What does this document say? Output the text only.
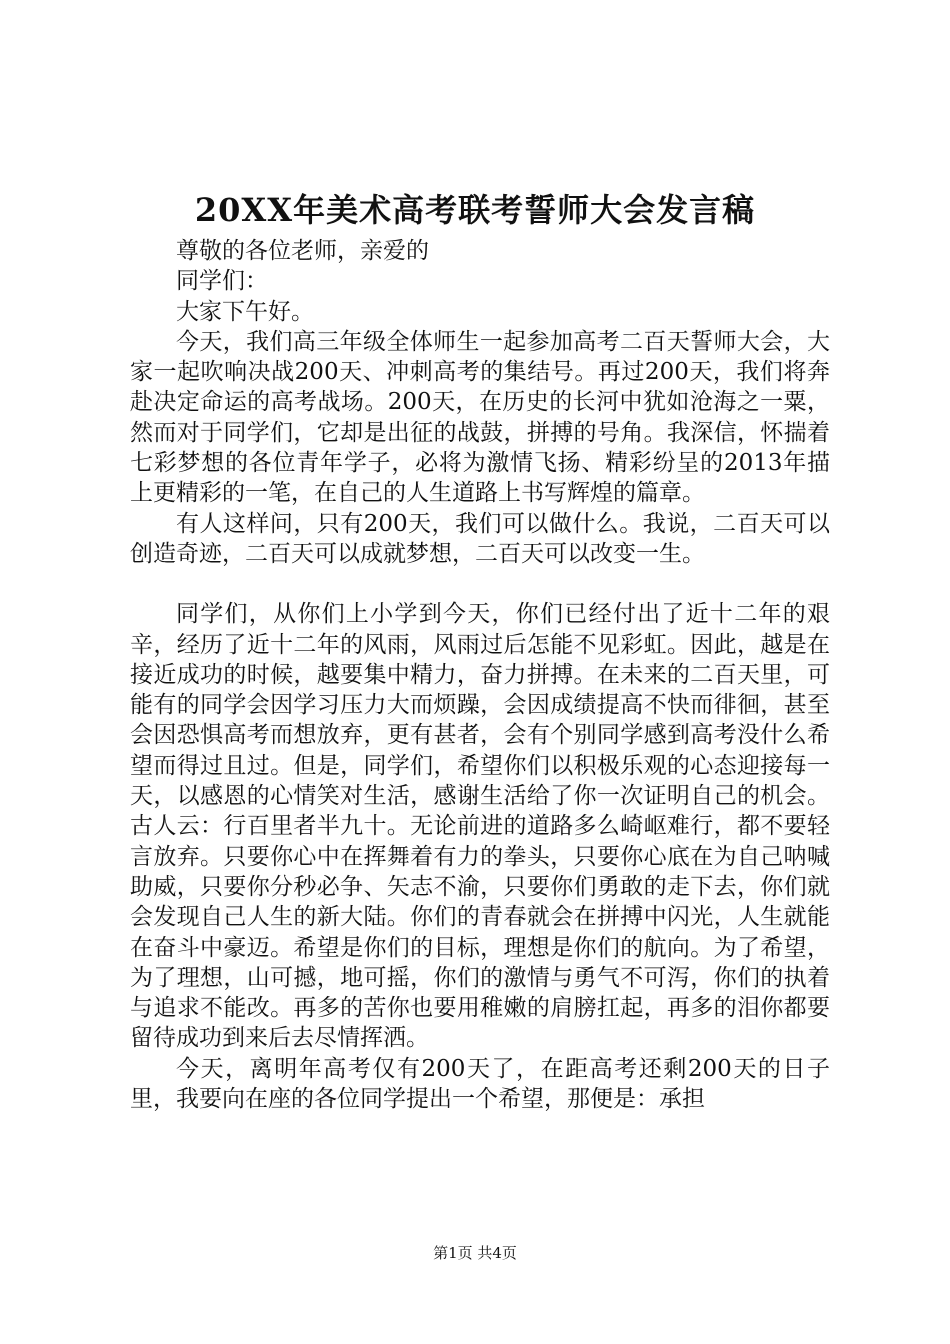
20XX年美术高考联考誓师大会发言稿

尊敬的各位老师，亲爱的

同学们：

大家下午好。

今天，我们高三年级全体师生一起参加高考二百天誓师大会，大家一起吹响决战200天、冲刺高考的集结号。再过200天，我们将奔赴决定命运的高考战场。200天，在历史的长河中犹如沧海之一粟，然而对于同学们，它却是出征的战鼓，拼搏的号角。我深信，怀揣着七彩梦想的各位青年学子，必将为激情飞扬、精彩纷呈的2013年描上更精彩的一笔，在自己的人生道路上书写辉煌的篇章。

有人这样问，只有200天，我们可以做什么。我说，二百天可以创造奇迹，二百天可以成就梦想，二百天可以改变一生。

同学们，从你们上小学到今天，你们已经付出了近十二年的艰辛，经历了近十二年的风雨，风雨过后怎能不见彩虹。因此，越是在接近成功的时候，越要集中精力，奋力拼搏。在未来的二百天里，可能有的同学会因学习压力大而烦躁，会因成绩提高不快而徘徊，甚至会因恐惧高考而想放弃，更有甚者，会有个别同学感到高考没什么希望而得过且过。但是，同学们，希望你们以积极乐观的心态迎接每一天，以感恩的心情笑对生活，感谢生活给了你一次证明自己的机会。古人云：行百里者半九十。无论前进的道路多么崎岖难行，都不要轻言放弃。只要你心中在挥舞着有力的拳头，只要你心底在为自己呐喊助威，只要你分秒必争、矢志不渝，只要你们勇敢的走下去，你们就会发现自己人生的新大陆。你们的青春就会在拼搏中闪光，人生就能在奋斗中豪迈。希望是你们的目标，理想是你们的航向。为了希望，为了理想，山可撼，地可摇，你们的激情与勇气不可泻，你们的执着与追求不能改。再多的苦你也要用稚嫩的肩膀扛起，再多的泪你都要留待成功到来后去尽情挥洒。

今天，离明年高考仅有200天了，在距高考还剩200天的日子里，我要向在座的各位同学提出一个希望，那便是：承担

第1页 共4页
